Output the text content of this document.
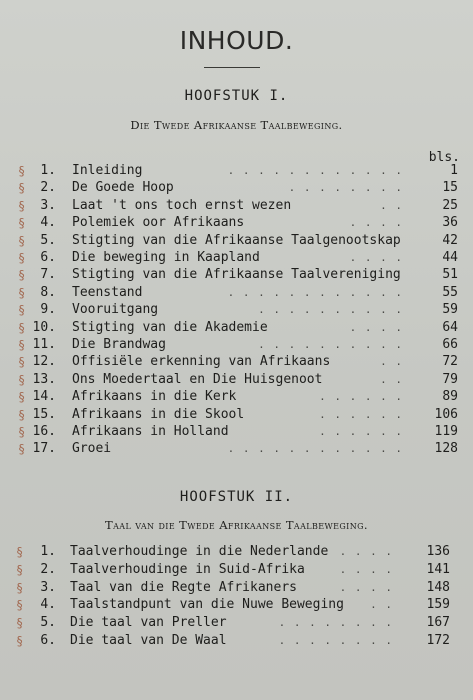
INHOUD.
HOOFSTUK I.
Die Twede Afrikaanse Taalbeweging.
bls.
§	1. Inleiding	. . . . . . . . . . . .	1
§	2. De Goede Hoop	. . . . . . . .	15
§	3. Laat 't ons toch ernst wezen	. .	25
§	4. Polemiek oor Afrikaans	. . . .	36
§	5. Stigting van die Afrikaanse Taalgenootskap	42
§	6. Die beweging in Kaapland	. . . .	44
§	7. Stigting van die Afrikaanse Taalvereniging	51
§	8. Teenstand	. . . . . . . . . . . .	55
§	9. Vooruitgang	. . . . . . . . . .	59
§ 10. Stigting van die Akademie	. . . .	64
§ 11. Die Brandwag	. . . . . . . . . .	66
§ 12. Offisiële erkenning van Afrikaans	. .	72
§ 13. Ons Moedertaal en Die Huisgenoot	. .	79
§ 14. Afrikaans in die Kerk	. . . . . .	89
§ 15. Afrikaans in die Skool	. . . . . .	106
§ 16. Afrikaans in Holland	. . . . . .	119
§ 17. Groei	. . . . . . . . . . . .	128
HOOFSTUK II.
Taal van die Twede Afrikaanse Taalbeweging.
§	1. Taalverhoudinge in die Nederlande . . . .	136
§	2. Taalverhoudinge in Suid-Afrika	. . . .	141
§	3. Taal van die Regte Afrikaners	. . . .	148
§	4. Taalstandpunt van die Nuwe Beweging . .	159
§	5. Die taal van Preller	. . . . . . . .	167
§	6. Die taal van De Waal	. . . . . . . .	172
